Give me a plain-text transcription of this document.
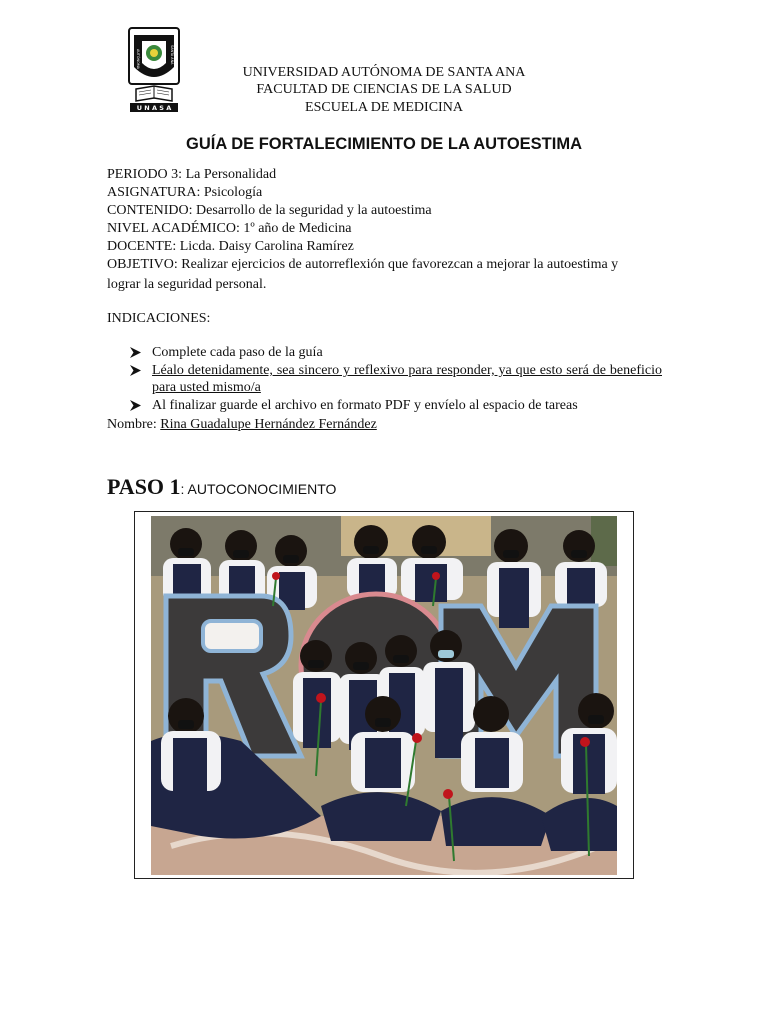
UNIVERSIDAD
AUTÓNOMA	SANTA ANA
U N A S A
UNIVERSIDAD AUTÓNOMA DE SANTA ANA
FACULTAD DE CIENCIAS DE LA SALUD
ESCUELA DE MEDICINA
GUÍA DE FORTALECIMIENTO DE LA AUTOESTIMA
PERIODO 3: La Personalidad
ASIGNATURA: Psicología
CONTENIDO: Desarrollo de la seguridad y la autoestima
NIVEL ACADÉMICO: 1º año de Medicina
DOCENTE: Licda. Daisy Carolina Ramírez
OBJETIVO: Realizar ejercicios de autorreflexión que favorezcan a mejorar la autoestima y
lograr la seguridad personal.
INDICACIONES:
Complete cada paso de la guía
Léalo detenidamente, sea sincero y reflexivo para responder, ya que esto será de beneficio para usted mismo/a
Al finalizar guarde el archivo en formato PDF y envíelo al espacio de tareas
Nombre: Rina Guadalupe Hernández Fernández
PASO 1: AUTOCONOCIMIENTO
